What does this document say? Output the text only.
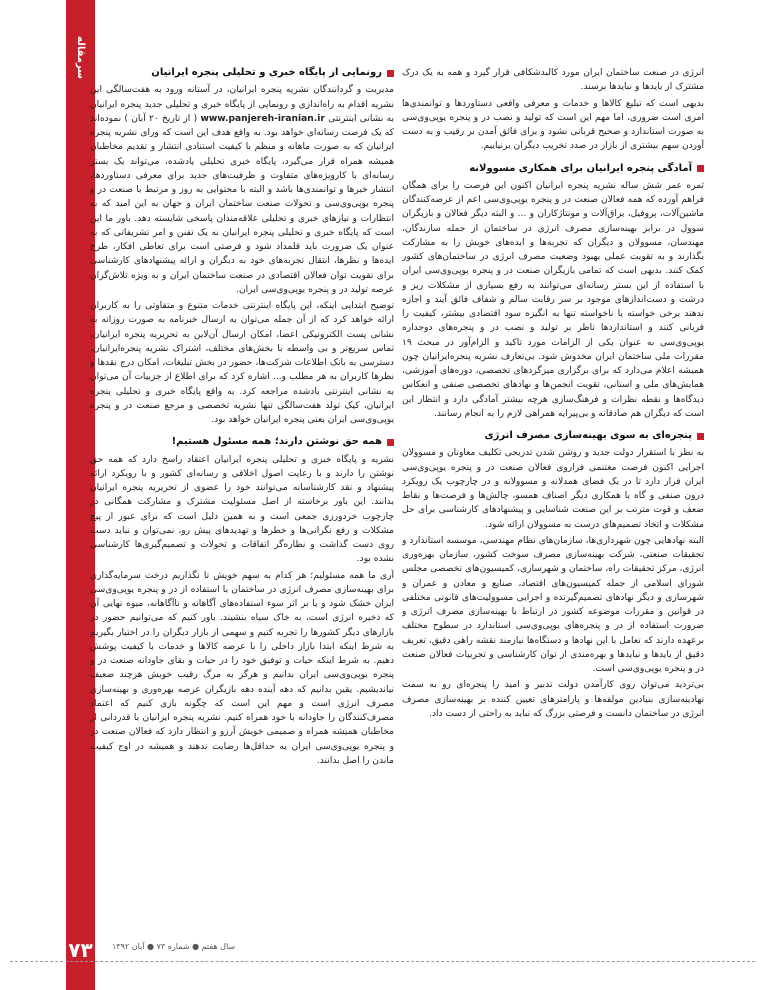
سرمقاله
۷۳

انرژی در صنعت ساختمان ایران مورد کالبدشکافی قرار گیرد و همه به یک درک مشترک از بایدها و نبایدها برسند.

بدیهی است که تبلیغ کالاها و خدمات و معرفی واقعی دستاوردها و توانمندی‌ها امری است ضروری، اما مهم این است که تولید و نصب در و پنجره یوپی‌وی‌سی به صورت استاندارد و صحیح قربانی نشود و برای فائق آمدن بر رقیب و به دست آوردن سهم بیشتری از بازار در صدد تخریب دیگران برنیاییم.

آمادگی پنجره ایرانیان برای همکاری مسوولانه

ثمره عمر شش ساله نشریه پنجره ایرانیان اکنون این فرصت را برای همگان فراهم آورده که همه فعالان صنعت در و پنجره یوپی‌وی‌سی اعم از عرضه‌کنندگان ماشین‌آلات، پروفیل، یراق‌آلات و مونتاژکاران و ... و البته دیگر فعالان و بازیگران سوول در برابر بهینه‌سازی مصرف انرژی در ساختمان از جمله سازندگان، مهندسان، مسوولان و دیگران که تجربه‌ها و ایده‌های خویش را به مشارکت بگذارند و به تقویت عملی بهبود وضعیت مصرف انرژی در ساختمان‌های کشور کمک کنند. بدیهی است که تمامی بازیگران صنعت در و پنجره یوپی‌وی‌سی ایران با استفاده از این بستر رسانه‌ای می‌توانند به رفع بسیاری از مشکلات ریز و درشت و دست‌اندازهای موجود بر سر رقابت سالم و شفاف فائق آیند و اجازه ندهند برخی خواسته یا ناخواسته تنها به انگیزه سود اقتصادی بیشتر، کیفیت را قربانی کنند و استانداردها ناظر بر تولید و نصب در و پنجره‌های دوجداره یوپی‌وی‌سی به عنوان یکی از الزامات مورد تاکید و الزام‌آور در مبحث ۱۹ مقررات ملی ساختمان ایران مخدوش شود. بی‌تعارف نشریه پنجره‌ایرانیان چون همیشه اعلام می‌دارد که برای برگزاری میزگردهای تخصصی، دوره‌های آموزشی، همایش‌های ملی و استانی، تقویت انجمن‌ها و نهادهای تخصصی صنفی و انعکاس دیدگاه‌ها و نقطه نظرات و فرهنگ‌سازی هرچه بیشتر آمادگی دارد و انتظار این است که دیگران هم صادقانه و بی‌پیرایه همراهی لازم را به انجام رسانند.

پنجره‌ای به سوی بهینه‌سازی مصرف انرژی

به نظر با استقرار دولت جدید و روشن شدن تدریجی تکلیف معاونان و مسوولان اجرایی اکنون فرصت مغتنمی فراروی فعالان صنعت در و پنجره یوپی‌وی‌سی ایران قرار دارد تا در یک فضای همدلانه و مسوولانه و در چارچوب یک رویکرد درون صنفی و گاه با همکاری دیگر اصناف همسو، چالش‌ها و فرصت‌ها و نقاط ضعف و قوت مترتب بر این صنعت شناسایی و پیشنهادهای کارشناسی برای حل مشکلات و اتخاذ تصمیم‌های درست به مسوولان ارائه شود.

البته نهادهایی چون شهرداری‌ها، سازمان‌های نظام مهندسی، موسسه استاندارد و تحقیقات صنعتی، شرکت بهینه‌سازی مصرف سوخت کشور، سازمان بهره‌وری انرژی، مرکز تحقیقات راه، ساختمان و شهرسازی، کمیسیون‌های تخصصی مجلس شورای اسلامی از جمله کمیسیون‌های اقتصاد، صنایع و معادن و عمران و شهرسازی و دیگر نهادهای تصمیم‌گیرنده و اجرایی مسوولیت‌های قانونی مختلفی در قوانین و مقررات موضوعه کشور در ارتباط با بهینه‌سازی مصرف انرژی و ضرورت استفاده از در و پنجره‌های یوپی‌وی‌سی استاندارد در سطوح مختلف برعهده دارند که تعامل با این نهادها و دستگاه‌ها نیازمند نقشه راهی دقیق، تعریف دقیق از بایدها و نبایدها و بهره‌مندی از توان کارشناسی و تجربیات فعالان صنعت در و پنجره یوپی‌وی‌سی است.

بی‌تردید می‌توان روی کارآمدن دولت تدبیر و امید را پنجره‌ای رو به سمت نهادینه‌سازی بنیادین مولفه‌ها و پارامترهای تعیین کننده بر بهینه‌سازی مصرف انرژی در ساختمان دانست و فرصتی بزرگ که نباید به راحتی از دست داد.

رونمایی از پایگاه خبری و تحلیلی پنجره ایرانیان

مدیریت و گردانندگان نشریه پنجره ایرانیان، در آستانه ورود به هفت‌سالگی این نشریه اقدام به راه‌اندازی و رونمایی از پایگاه خبری و تحلیلی جدید پنجره ایرانیان به نشانی اینترنتی www.panjereh-iranian.ir ( از تاریخ ۲۰ آبان ) نموده‌اند که یک فرصت رسانه‌ای خواهد بود. به واقع هدف این است که ورای نشریه پنجره ایرانیان که به صورت ماهانه و منظم با کیفیت استنادی انتشار و تقدیم مخاطبان همیشه همراه قرار می‌گیرد، پایگاه خبری تحلیلی یادشده، می‌تواند یک بستر رسانه‌ای با کارویژه‌های متفاوت و ظرفیت‌های جدید برای معرفی دستاوردها، انتشار خبرها و توانمندی‌ها باشد و البته با محتوایی به روز و مرتبط با صنعت در و پنجره یوپی‌وی‌سی و تحولات صنعت ساختمان ایران و جهان به این امید که به انتظارات و نیازهای خبری و تحلیلی علاقه‌مندان پاسخی شایسته دهد. باور ما این است که پایگاه خبری و تحلیلی پنجره ایرانیان نه یک تفنن و امر تشریفاتی که به عنوان یک ضرورت باید قلمداد شود و فرصتی است برای تعاطی افکار، طرح ایده‌ها و نظرها، انتقال تجربه‌های خود به دیگران و ارائه پیشنهادهای کارشناسی برای تقویت توان فعالان اقتصادی در صنعت ساختمان ایران و به ویژه تلاش‌گران عرصه تولید در و پنجره یوپی‌وی‌سی ایران.

توضیح ابتدایی اینکه، این پایگاه اینترنتی خدمات متنوع و متفاوتی را به کاربران ارائه خواهد کرد که از آن جمله می‌توان به ارسال خبرنامه به صورت روزانه به نشانی پست الکترونیکی اعضا، امکان ارسال آن‌لاین به تحریریه پنجره ایرانیان، تماس سریع‌تر و بی واسطه با بخش‌های مختلف، اشتراک نشریه پنجره‌ایرانیان، دسترسی به بانک اطلاعات شرکت‌ها، حضور در بخش تبلیغات، امکان درج نقدها و نظرها کاربران به هر مطلب و... اشاره کرد که برای اطلاع از جزییات آن می‌توان به نشانی اینترنتی یادشده مراجعه کرد. به واقع پایگاه خبری و تحلیلی پنجره ایرانیان، کیک تولد هفت‌سالگی تنها نشریه تخصصی و مرجع صنعت در و پنجره یوپی‌وی‌سی ایران یعنی پنجره ایرانیان خواهد بود.

همه حق نوشتن دارند؛ همه مسئول هستیم!

نشریه و پایگاه خبری و تحلیلی پنجره ایرانیان اعتقاد راسخ دارد که همه حق نوشتن را دارند و با رعایت اصول اخلاقی و رسانه‌ای کشور و با رویکرد ارائه پیشنهاد و نقد کارشناسانه می‌توانند خود را عضوی از تحریریه پنجره ایرانیان بدانند. این باور برخاسته از اصل مسئولیت مشترک و مشارکت همگانی در چارچوب خردورزی جمعی است و به همین دلیل است که برای عبور از پیچ مشکلات و رفع نگرانی‌ها و خطرها و تهدیدهای پیش رو، نمی‌توان و نباید دست روی دست گذاشت و نظاره‌گر اتفاقات و تحولات و تصمیم‌گیری‌ها کارشناسی نشده بود.

آری ما همه مسئولیم؛ هر کدام به سهم خویش تا نگذاریم درخت سرمایه‌گذاری برای بهینه‌سازی مصرف انرژی در ساختمان با استفاده از در و پنجره یوپی‌وی‌سی ایران خشک شود و یا بر اثر سوء استفاده‌های آگاهانه و ناآگاهانه، میوه نهایی آن که ذخیره انرژی است، به خاک سیاه بنشیند. باور کنیم که می‌توانیم حضور در بازارهای دیگر کشورها را تجربه کنیم و سهمی از بازار دیگران را در اختیار بگیریم به شرط اینکه ابتدا بازار داخلی را با عرضه کالاها و خدمات با کیفیت پوشش دهیم. به شرط اینکه حیات و توفیق خود را در حیات و بقای جاودانه صنعت در و پنجره یوپی‌وی‌سی ایران بدانیم و هرگز به مرگ رقیب خویش هرچند ضعیف نیاندیشیم. یقین بدانیم که دهه آینده دهه بازیگران عرصه بهره‌وری و بهینه‌سازی مصرف انرژی است و مهم این است که چگونه بازی کنیم که اعتماد مصرف‌کنندگان را جاودانه با خود همراه کنیم. نشریه پنجره ایرانیان با قدردانی از مخاطبان همیشه همراه و صمیمی خویش آرزو و انتظار دارد که فعالان صنعت در و پنجره یوپی‌وی‌سی ایران به حداقل‌ها رضایت ندهند و همیشه در اوج کیفیت ماندن را اصل بدانند.

سال هفتم ● شماره ۷۳ ● آبان ۱۳۹۲
